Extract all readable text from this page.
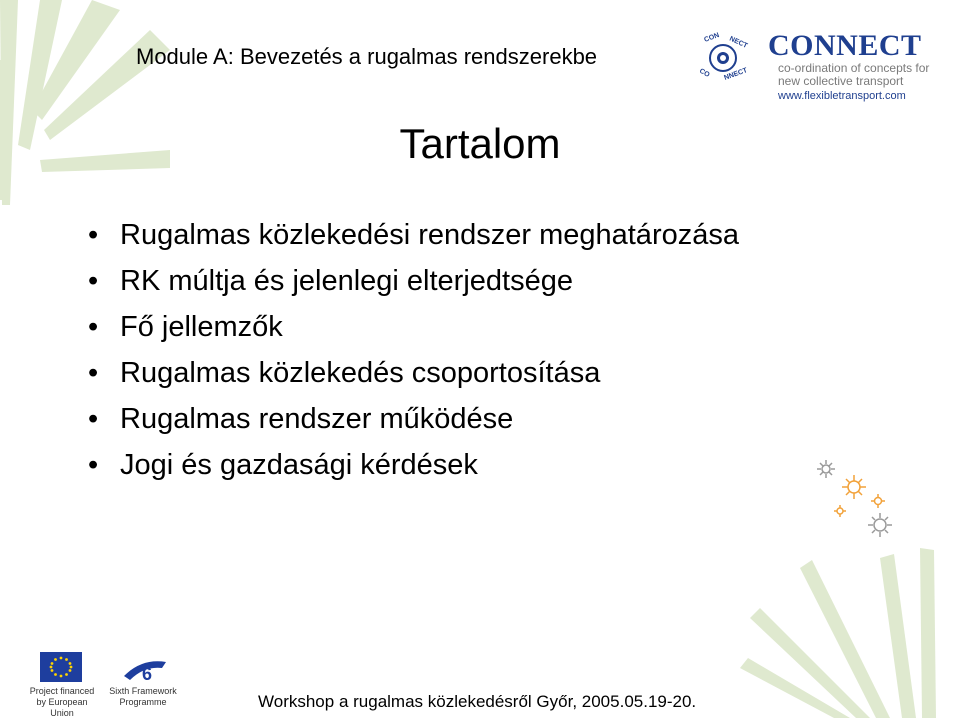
Module A: Bevezetés a rugalmas rendszerekbe
CON NECT
CO NNECT
CONNECT
co-ordination of concepts for
new collective transport
www.flexibletransport.com
Tartalom
• Rugalmas közlekedési rendszer meghatározása
• RK múltja és jelenlegi elterjedtsége
• Fő jellemzők
• Rugalmas közlekedés csoportosítása
• Rugalmas rendszer működése
• Jogi és gazdasági kérdések
Project financed
by European Union
6
Sixth Framework
Programme	Workshop a rugalmas közlekedésről Győr, 2005.05.19-20.
